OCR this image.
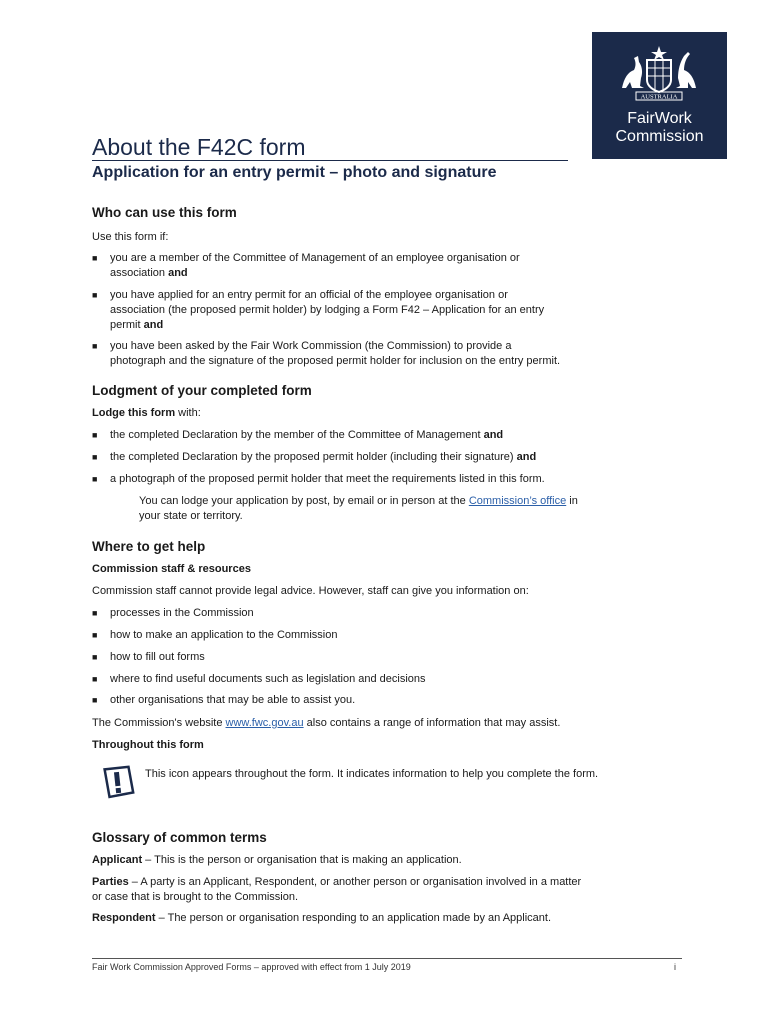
AUSTRALIA
FairWork
Commission
About the F42C form
Application for an entry permit – photo and signature
Who can use this form

Use this form if:

■ you are a member of the Committee of Management of an employee organisation or
association and
■ you have applied for an entry permit for an official of the employee organisation or
association (the proposed permit holder) by lodging a Form F42 – Application for an entry
permit and
■ you have been asked by the Fair Work Commission (the Commission) to provide a
photograph and the signature of the proposed permit holder for inclusion on the entry permit.
Lodgment of your completed form

Lodge this form with:

■ the completed Declaration by the member of the Committee of Management and
■ the completed Declaration by the proposed permit holder (including their signature) and
■ a photograph of the proposed permit holder that meet the requirements listed in this form.

You can lodge your application by post, by email or in person at the Commission’s office in
your state or territory.

Where to get help

Commission staff & resources

Commission staff cannot provide legal advice. However, staff can give you information on:

■ processes in the Commission
■ how to make an application to the Commission
■ how to fill out forms
■ where to find useful documents such as legislation and decisions
■ other organisations that may be able to assist you.

The Commission's website www.fwc.gov.au also contains a range of information that may assist.

Throughout this form

This icon appears throughout the form. It indicates information to help you complete the form.

Glossary of common terms

Applicant – This is the person or organisation that is making an application.

Parties – A party is an Applicant, Respondent, or another person or organisation involved in a matter
or case that is brought to the Commission.

Respondent – The person or organisation responding to an application made by an Applicant.

Fair Work Commission Approved Forms – approved with effect from 1 July 2019	i
